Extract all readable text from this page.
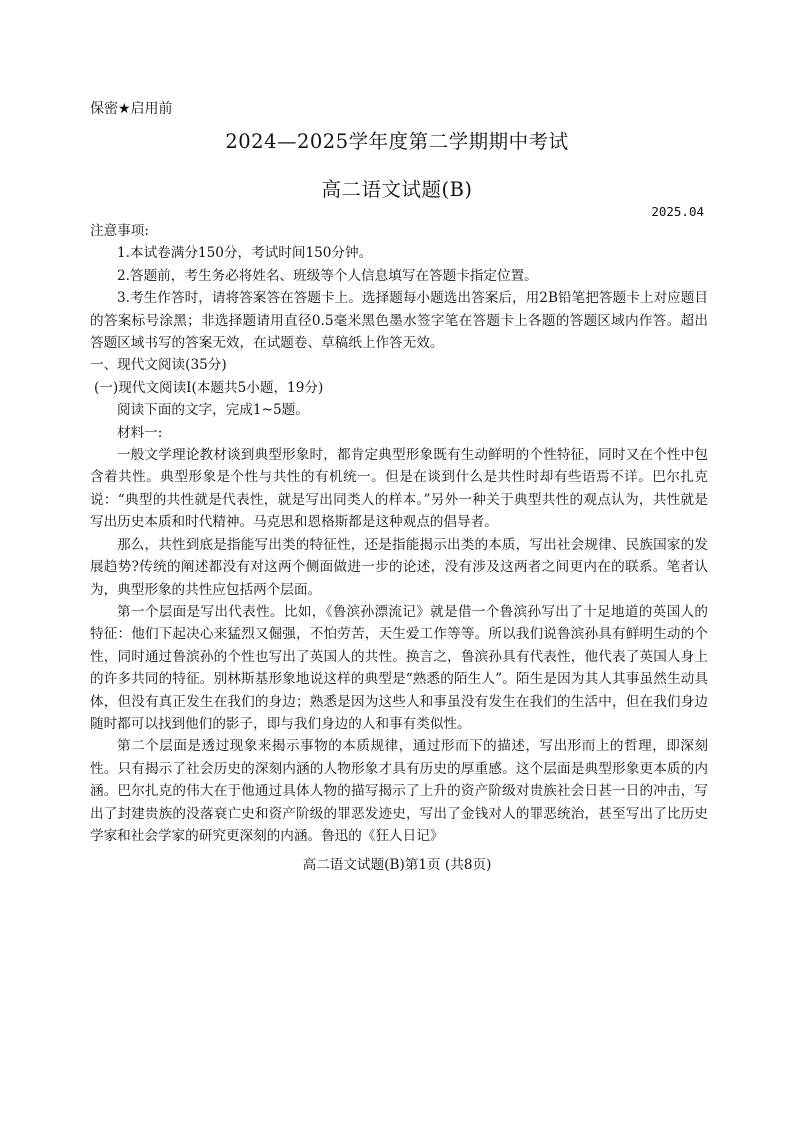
保密★启用前
2024—2025学年度第二学期期中考试
高二语文试题(B)
2025.04

注意事项:

1.本试卷满分150分，考试时间150分钟。

2.答题前，考生务必将姓名、班级等个人信息填写在答题卡指定位置。

3.考生作答时，请将答案答在答题卡上。选择题每小题选出答案后，用2B铅笔把答题卡上对应题目的答案标号涂黑；非选择题请用直径0.5毫米黑色墨水签字笔在答题卡上各题的答题区域内作答。超出答题区域书写的答案无效，在试题卷、草稿纸上作答无效。

一、现代文阅读(35分)

(一)现代文阅读Ⅰ(本题共5小题，19分)

阅读下面的文字，完成1~5题。

材料一:

一般文学理论教材谈到典型形象时，都肯定典型形象既有生动鲜明的个性特征，同时又在个性中包含着共性。典型形象是个性与共性的有机统一。但是在谈到什么是共性时却有些语焉不详。巴尔扎克说：“典型的共性就是代表性，就是写出同类人的样本。”另外一种关于典型共性的观点认为，共性就是写出历史本质和时代精神。马克思和恩格斯都是这种观点的倡导者。

那么，共性到底是指能写出类的特征性，还是指能揭示出类的本质，写出社会规律、民族国家的发展趋势?传统的阐述都没有对这两个侧面做进一步的论述，没有涉及这两者之间更内在的联系。笔者认为，典型形象的共性应包括两个层面。

第一个层面是写出代表性。比如，《鲁滨孙漂流记》就是借一个鲁滨孙写出了十足地道的英国人的特征：他们下起决心来猛烈又倔强，不怕劳苦，天生爱工作等等。所以我们说鲁滨孙具有鲜明生动的个性，同时通过鲁滨孙的个性也写出了英国人的共性。换言之，鲁滨孙具有代表性，他代表了英国人身上的许多共同的特征。别林斯基形象地说这样的典型是“熟悉的陌生人”。陌生是因为其人其事虽然生动具体，但没有真正发生在我们的身边；熟悉是因为这些人和事虽没有发生在我们的生活中，但在我们身边随时都可以找到他们的影子，即与我们身边的人和事有类似性。

第二个层面是透过现象来揭示事物的本质规律，通过形而下的描述，写出形而上的哲理，即深刻性。只有揭示了社会历史的深刻内涵的人物形象才具有历史的厚重感。这个层面是典型形象更本质的内涵。巴尔扎克的伟大在于他通过具体人物的描写揭示了上升的资产阶级对贵族社会日甚一日的冲击，写出了封建贵族的没落衰亡史和资产阶级的罪恶发迹史，写出了金钱对人的罪恶统治，甚至写出了比历史学家和社会学家的研究更深刻的内涵。鲁迅的《狂人日记》

高二语文试题(B)第1页 (共8页)
